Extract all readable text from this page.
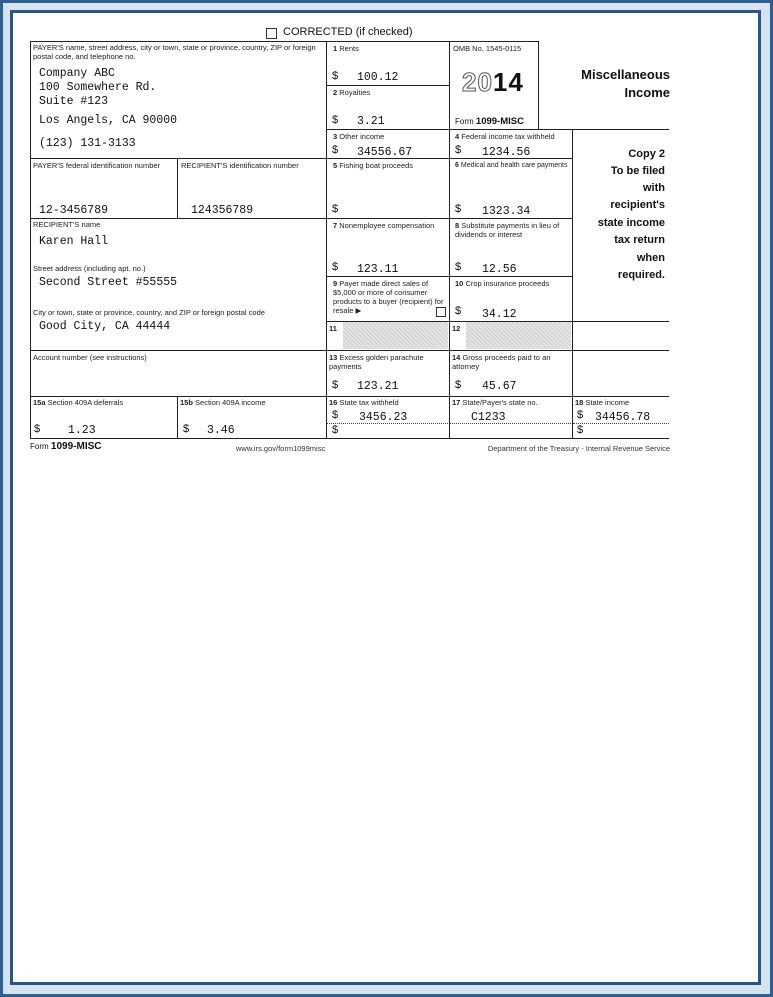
CORRECTED (if checked)
PAYER'S name, street address, city or town, state or province, country, ZIP or foreign postal code, and telephone no.
Company ABC
100 Somewhere Rd.
Suite #123
Los Angels, CA 90000
(123) 131-3133
1 Rents
$ 100.12
2 Royalties
$ 3.21
OMB No. 1545-0115
2014
Form 1099-MISC
Miscellaneous
Income
3 Other income
$ 34556.67
4 Federal income tax withheld
$ 1234.56	Copy 2
To be filed
with
recipient's
state income
tax return
when
required.
PAYER'S federal identification number
12-3456789
RECIPIENT'S identification number
124356789
5 Fishing boat proceeds
$
6 Medical and health care payments
$ 1323.34
RECIPIENT'S name
Karen Hall
Street address (including apt. no.)
Second Street #55555
City or town, state or province, country, and ZIP or foreign postal code
Good City, CA 44444
7 Nonemployee compensation
$ 123.11
8 Substitute payments in lieu of dividends or interest
$ 12.56
9 Payer made direct sales of $5,000 or more of consumer products to a buyer (recipient) for resale ▶
10 Crop insurance proceeds
$ 34.12
11	12
Account number (see instructions)	13 Excess golden parachute payments
$ 123.21
14 Gross proceeds paid to an attorney
$ 45.67
15a Section 409A deferrals
$ 1.23
15b Section 409A income
$ 3.46
16 State tax withheld
$ 3456.23
$
17 State/Payer's state no.
C1233
18 State income
$ 34456.78
$
Form 1099-MISC	www.irs.gov/form1099misc	Department of the Treasury - Internal Revenue Service
